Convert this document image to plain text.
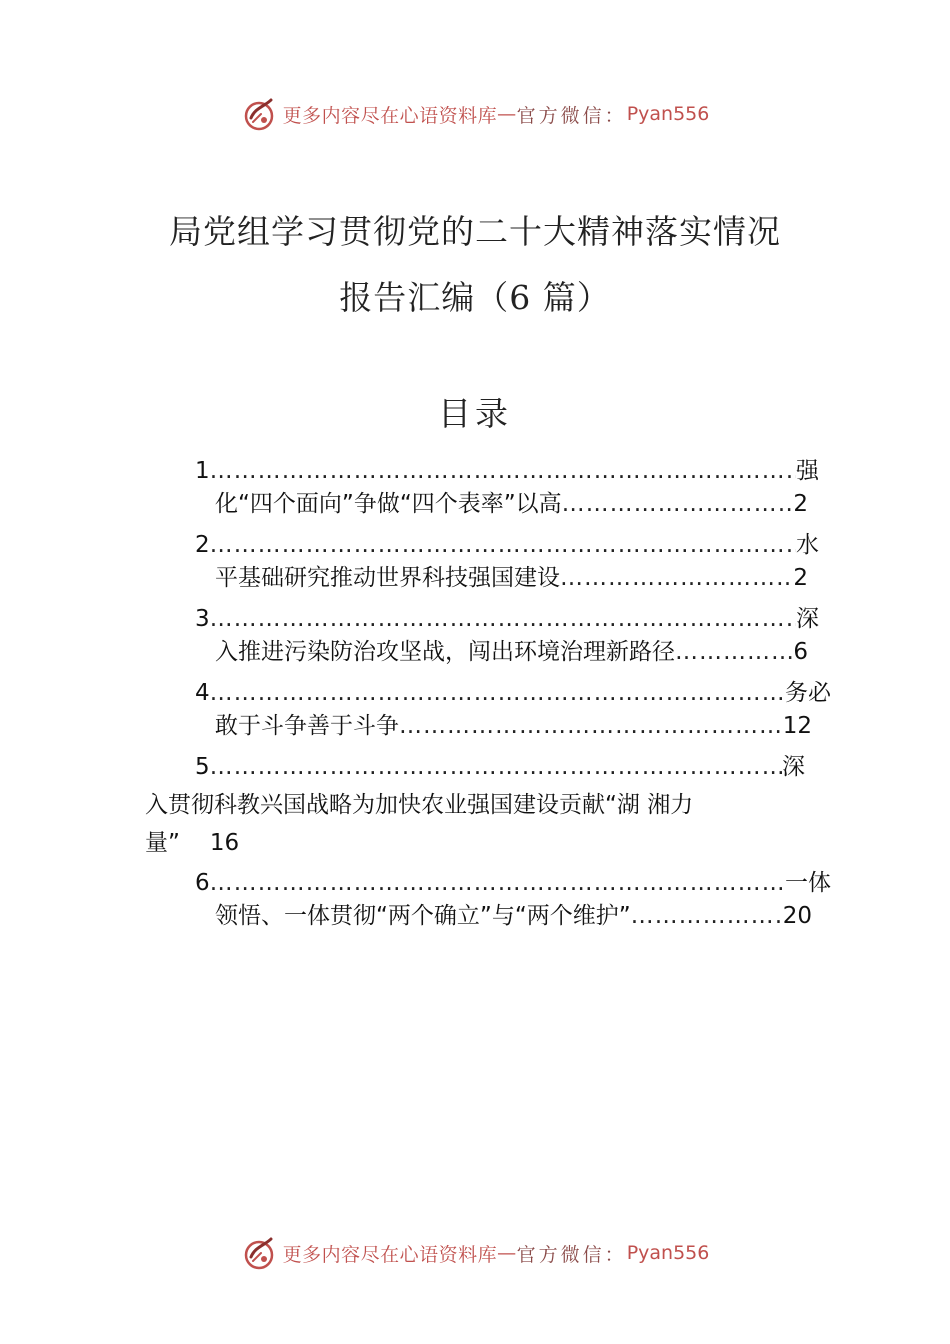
更多内容尽在心语资料库 — 官方微信： Pyan556
局党组学习贯彻党的二十大精神落实情况
报告汇编（6 篇）
目录
1 ………………………………………………………………………………………………………………………………………………	强
化“四个面向”争做“四个表率”以高 ………………………………………………………………………………………………………………………………………………	2
2 ………………………………………………………………………………………………………………………………………………	水
平基础研究推动世界科技强国建设 ………………………………………………………………………………………………………………………………………………	2
3 ………………………………………………………………………………………………………………………………………………	深
入推进污染防治攻坚战，闯出环境治理新路径 ………………………………………………………………………………………………………………………………………………	6
4 ………………………………………………………………………………………………………………………………………………	务必
敢于斗争善于斗争 ………………………………………………………………………………………………………………………………………………	12
5 ………………………………………………………………………………………………………………………………………………	深
入贯彻科教兴国战略为加快农业强国建设贡献“湖 湘力
量” 16
6 ………………………………………………………………………………………………………………………………………………	一体
领悟、一体贯彻“两个确立”与“两个维护” ………………………………………………………………………………………………………………………………………………	20
更多内容尽在心语资料库 — 官方微信： Pyan556
